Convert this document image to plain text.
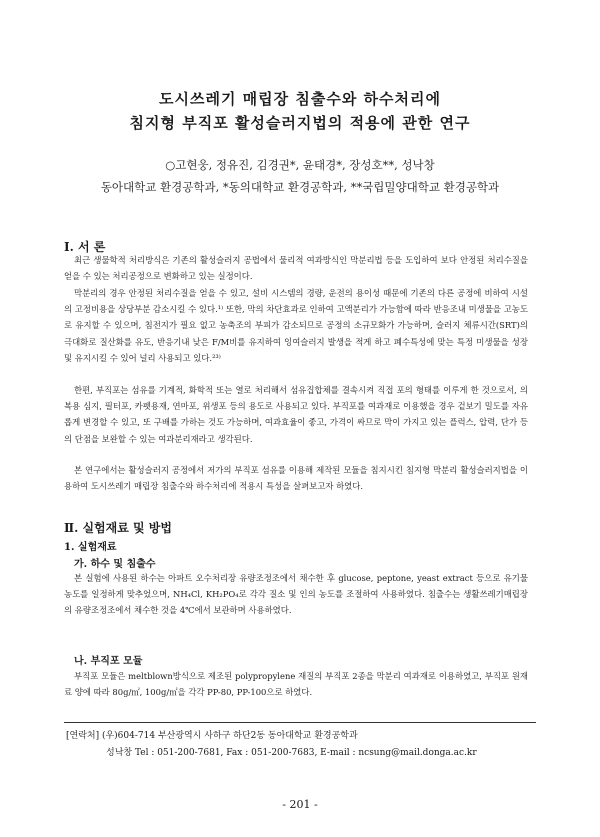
도시쓰레기 매립장 침출수와 하수처리에
침지형 부직포 활성슬러지법의 적용에 관한 연구
○고현웅, 정유진, 김경권*, 윤태경*, 장성호**, 성낙창
동아대학교 환경공학과, *동의대학교 환경공학과, **국립밀양대학교 환경공학과
Ⅰ. 서 론

최근 생물학적 처리방식은 기존의 활성슬러지 공법에서 물리적 여과방식인 막분리법 등을 도입하여 보다 안정된 처리수질을 얻을 수 있는 처리공정으로 변화하고 있는 실정이다.

막분리의 경우 안정된 처리수질을 얻을 수 있고, 설비 시스템의 경량, 운전의 용이성 때문에 기존의 다른 공정에 비하여 시설의 고정비용을 상당부분 감소시킬 수 있다.¹⁾ 또한, 막의 차단효과로 인하여 고액분리가 가능함에 따라 반응조내 미생물을 고농도로 유지할 수 있으며, 침전지가 필요 없고 농축조의 부피가 감소되므로 공정의 소규모화가 가능하며, 슬러지 체류시간(SRT)의 극대화로 질산화를 유도, 반응기내 낮은 F/M비를 유지하여 잉여슬러지 발생을 적게 하고 폐수특성에 맞는 특정 미생물을 성장 및 유지시킬 수 있어 널리 사용되고 있다.²³⁾

한편, 부직포는 섬유를 기계적, 화학적 또는 열로 처리해서 섬유집합체를 결속시켜 직접 포의 형태를 이루게 한 것으로서, 의복용 심지, 필터포, 카펫용재, 연마포, 위생포 등의 용도로 사용되고 있다. 부직포를 여과재로 이용했을 경우 겉보기 밀도를 자유롭게 변경할 수 있고, 또 구배를 가하는 것도 가능하며, 여과효율이 좋고, 가격이 싸므로 막이 가지고 있는 플럭스, 압력, 단가 등의 단점을 보완할 수 있는 여과분리재라고 생각된다.

본 연구에서는 활성슬러지 공정에서 저가의 부직포 섬유를 이용해 제작된 모듈을 침지시킨 침지형 막분리 활성슬러지법을 이용하여 도시쓰레기 매립장 침출수와 하수처리에 적용시 특성을 살펴보고자 하였다.

Ⅱ. 실험재료 및 방법
1. 실험재료
가. 하수 및 침출수

본 실험에 사용된 하수는 아파트 오수처리장 유량조정조에서 채수한 후 glucose, peptone, yeast extract 등으로 유기물 농도를 일정하게 맞추었으며, NH₄Cl, KH₂PO₄로 각각 질소 및 인의 농도를 조절하여 사용하였다. 침출수는 생활쓰레기매립장의 유량조정조에서 채수한 것을 4℃에서 보관하며 사용하였다.

나. 부직포 모듈

부직포 모듈은 meltblown방식으로 제조된 polypropylene 재질의 부직포 2종을 막분리 여과재로 이용하였고, 부직포 원재료 양에 따라 80g/㎡, 100g/㎡을 각각 PP-80, PP-100으로 하였다.

[연락처] (우)604-714 부산광역시 사하구 하단2동 동아대학교 환경공학과
성낙창 Tel : 051-200-7681, Fax : 051-200-7683, E-mail : ncsung@mail.donga.ac.kr
- 201 -
